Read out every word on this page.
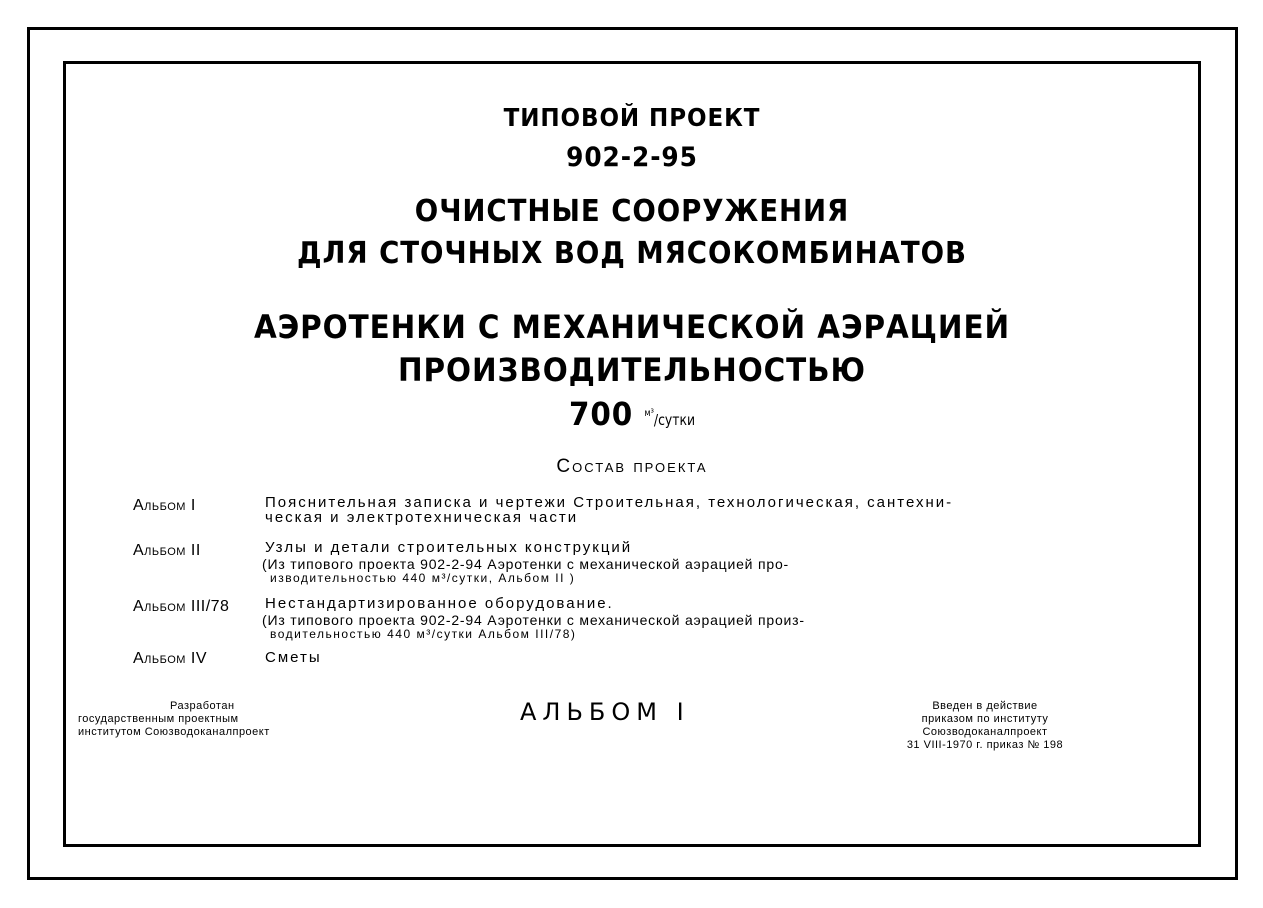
ТИПОВОЙ ПРОЕКТ
902-2-95
ОЧИСТНЫЕ СООРУЖЕНИЯ
ДЛЯ СТОЧНЫХ ВОД МЯСОКОМБИНАТОВ
АЭРОТЕНКИ С МЕХАНИЧЕСКОЙ АЭРАЦИЕЙ
ПРОИЗВОДИТЕЛЬНОСТЬЮ
700 $^{м^3}$/сутки
Состав проекта
Альбом I	Пояснительная записка и чертежи Строительная, технологическая, сантехни-
ческая и электротехническая части
Альбом II	Узлы и детали строительных конструкций
(Из типового проекта 902-2-94 Аэротенки с механической аэрацией про-
изводительностью 440 м³/сутки, Альбом II )
Альбом III/78 Нестандартизированное оборудование.
(Из типового проекта 902-2-94 Аэротенки с механической аэрацией произ-
водительностью 440 м³/сутки Альбом III/78)
Альбом IV	Сметы
Разработан
государственным проектным
институтом Союзводоканалпроект
АЛЬБОМ I	Введен в действие
приказом по институту
Союзводоканалпроект
31 VIII-1970 г. приказ № 198
